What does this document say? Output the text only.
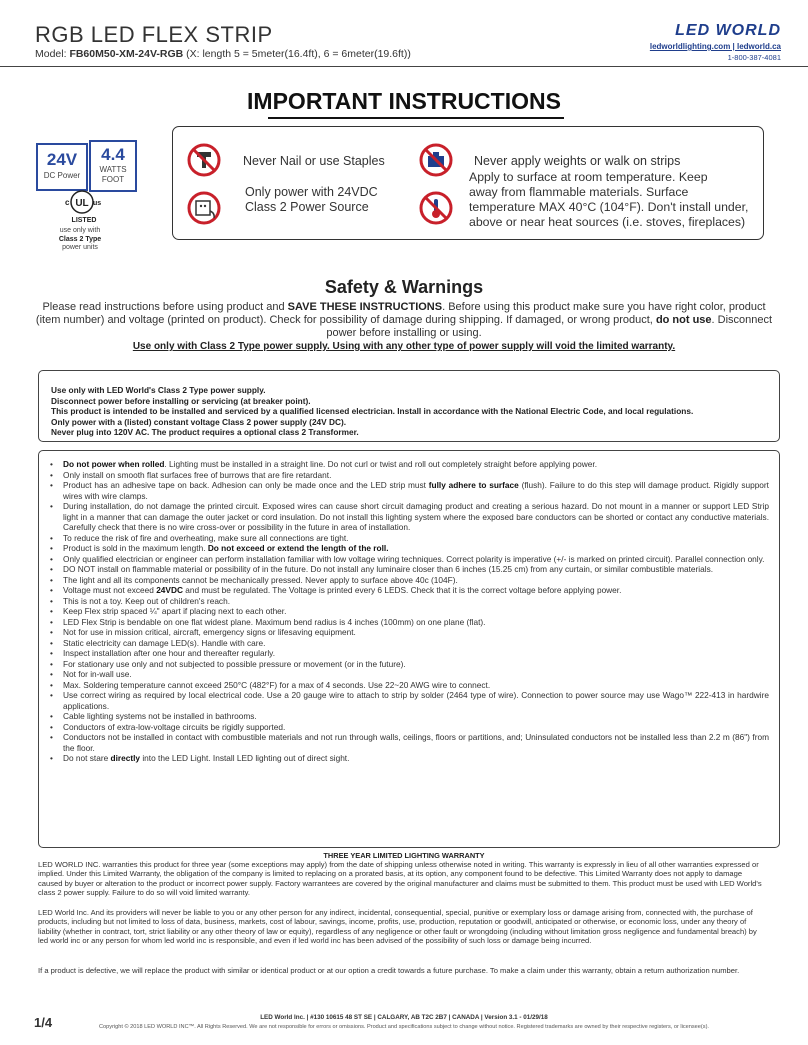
RGB LED FLEX STRIP
Model: FB60M50-XM-24V-RGB (X: length 5 = 5meter(16.4ft), 6 = 6meter(19.6ft))
LED WORLD
ledworldlighting.com | ledworld.ca
1-800-387-4081
IMPORTANT INSTRUCTIONS
24V
DC Power
4.4
WATTS
FOOT
UL
c	us
LISTED
use only with
Class 2 Type
power units
Never Nail or use Staples	Never apply weights or walk on strips
Only power with 24VDC
Class 2 Power Source
Apply to surface at room temperature. Keep
away from flammable materials. Surface
temperature MAX 40°C (104°F). Don't install under,
above or near heat sources (i.e. stoves, fireplaces)
Safety & Warnings
Please read instructions before using product and SAVE THESE INSTRUCTIONS. Before using this product make sure you have right color, product (item number) and voltage (printed on product). Check for possibility of damage during shipping. If damaged, or wrong product, do not use. Disconnect power before installing or using.
Use only with Class 2 Type power supply. Using with any other type of power supply will void the limited warranty.
Use only with LED World's Class 2 Type power supply.
Disconnect power before installing or servicing (at breaker point).
This product is intended to be installed and serviced by a qualified licensed electrician. Install in accordance with the National Electric Code, and local regulations.
Only power with a (listed) constant voltage Class 2 power supply (24V DC).
Never plug into 120V AC. The product requires a optional class 2 Transformer.
• Do not power when rolled. Lighting must be installed in a straight line. Do not curl or twist and roll out completely straight before applying power.
• Only install on smooth flat surfaces free of burrows that are fire retardant.
• Product has an adhesive tape on back. Adhesion can only be made once and the LED strip must fully adhere to surface (flush). Failure to do this step will damage product. Rigidly support wires with wire clamps.
• During installation, do not damage the printed circuit. Exposed wires can cause short circuit damaging product and creating a serious hazard. Do not mount in a manner or support LED Strip light in a manner that can damage the outer jacket or cord insulation. Do not install this lighting system where the exposed bare conductors can be shorted or contact any conductive materials. Carefully check that there is no wire cross-over or possibility in the future in area of installation.
• To reduce the risk of fire and overheating, make sure all connections are tight.
• Product is sold in the maximum length. Do not exceed or extend the length of the roll.
• Only qualified electrician or engineer can perform installation familiar with low voltage wiring techniques. Correct polarity is imperative (+/- is marked on printed circuit). Parallel connection only.
• DO NOT install on flammable material or possibility of in the future. Do not install any luminaire closer than 6 inches (15.25 cm) from any curtain, or similar combustible materials.
• The light and all its components cannot be mechanically pressed. Never apply to surface above 40c (104F).
• Voltage must not exceed 24VDC and must be regulated. The Voltage is printed every 6 LEDS. Check that it is the correct voltage before applying power.
• This is not a toy. Keep out of children's reach.
• Keep Flex strip spaced ¼" apart if placing next to each other.
• LED Flex Strip is bendable on one flat widest plane. Maximum bend radius is 4 inches (100mm) on one plane (flat).
• Not for use in mission critical, aircraft, emergency signs or lifesaving equipment.
• Static electricity can damage LED(s). Handle with care.
• Inspect installation after one hour and thereafter regularly.
• For stationary use only and not subjected to possible pressure or movement (or in the future).
• Not for in-wall use.
• Max. Soldering temperature cannot exceed 250°C (482°F) for a max of 4 seconds. Use 22~20 AWG wire to connect.
• Use correct wiring as required by local electrical code. Use a 20 gauge wire to attach to strip by solder (2464 type of wire). Connection to power source may use Wago™ 222-413 in hardwire applications.
• Cable lighting systems not be installed in bathrooms.
• Conductors of extra-low-voltage circuits be rigidly supported.
• Conductors not be installed in contact with combustible materials and not run through walls, ceilings, floors or partitions, and; Uninsulated conductors not be installed less than 2.2 m (86") from the floor.
• Do not stare directly into the LED Light. Install LED lighting out of direct sight.
THREE YEAR LIMITED LIGHTING WARRANTY
LED WORLD INC. warranties this product for three year (some exceptions may apply) from the date of shipping unless otherwise noted in writing. This warranty is expressly in lieu of all other warranties expressed or implied. Under this Limited Warranty, the obligation of the company is limited to replacing on a prorated basis, at its option, any component found to be defective. This Limited Warranty does not apply to damage caused by buyer or alteration to the product or incorrect power supply. Factory warrantees are covered by the original manufacturer and claims must be submitted to them. This product must be used with LED World's class 2 power supply. Failure to do so will void limited warranty.
LED World Inc. And its providers will never be liable to you or any other person for any indirect, incidental, consequential, special, punitive or exemplary loss or damage arising from, connected with, the purchase of products, including but not limited to loss of data, business, markets, cost of labour, savings, income, profits, use, production, reputation or goodwill, anticipated or otherwise, or economic loss, under any theory of liability (whether in contract, tort, strict liability or any other theory of law or equity), regardless of any negligence or other fault or wrongdoing (including without limitation gross negligence and fundamental breach) by led world inc or any person for whom led world inc is responsible, and even if led world inc has been advised of the possibility of such loss or damage being incurred.
If a product is defective, we will replace the product with similar or identical product or at our option a credit towards a future purchase. To make a claim under this warranty, obtain a return authorization number.
1/4	LED World Inc. | #130 10615 48 ST SE | CALGARY, AB T2C 2B7 | CANADA | Version 3.1 - 01/29/18
Copyright © 2018 LED WORLD INC™. All Rights Reserved. We are not responsible for errors or omissions. Product and specifications subject to change without notice. Registered trademarks are owned by their respective registers, or licensee(s).
